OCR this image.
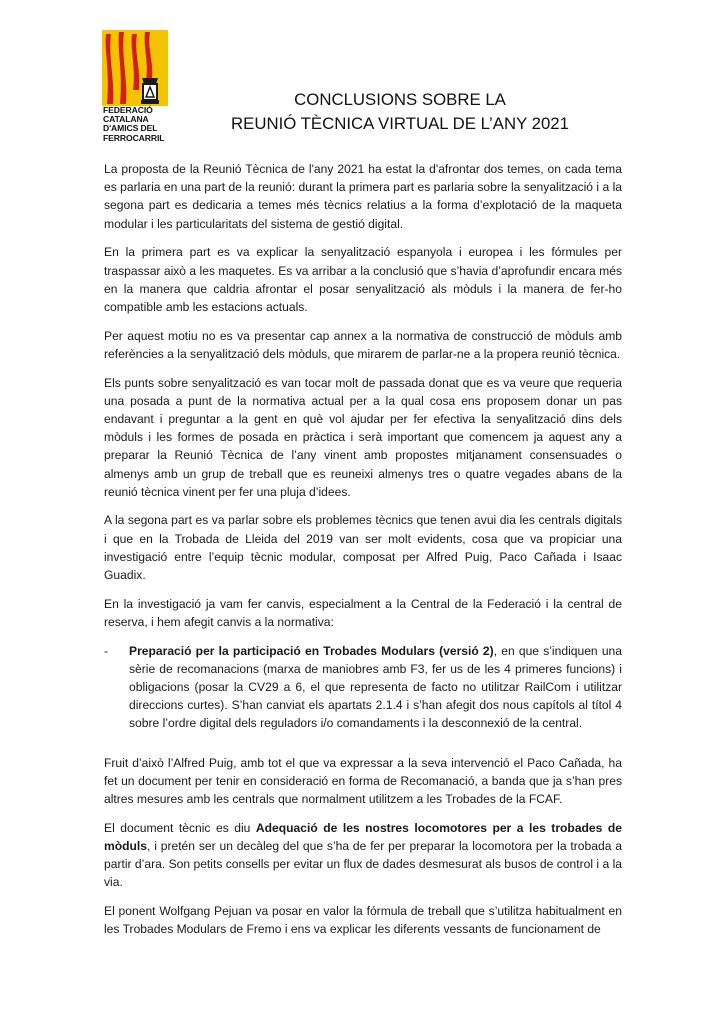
FEDERACIÓ
CATALANA
D'AMICS DEL
FERROCARRIL
CONCLUSIONS SOBRE LA
REUNIÓ TÈCNICA VIRTUAL DE L’ANY 2021

La proposta de la Reunió Tècnica de l'any 2021 ha estat la d'afrontar dos temes, on cada tema es parlaria en una part de la reunió: durant la primera part es parlaria sobre la senyalització i a la segona part es dedicaria a temes més tècnics relatius a la forma d’explotació de la maqueta modular i les particularitats del sistema de gestió digital.

En la primera part es va explicar la senyalització espanyola i europea i les fórmules per traspassar això a les maquetes. Es va arribar a la conclusió que s’havia d’aprofundir encara més en la manera que caldria afrontar el posar senyalització als mòduls i la manera de fer-ho compatible amb les estacions actuals.

Per aquest motiu no es va presentar cap annex a la normativa de construcció de mòduls amb referències a la senyalització dels mòduls, que mirarem de parlar-ne a la propera reunió tècnica.

Els punts sobre senyalització es van tocar molt de passada donat que es va veure que requeria una posada a punt de la normativa actual per a la qual cosa ens proposem donar un pas endavant i preguntar a la gent en què vol ajudar per fer efectiva la senyalització dins dels mòduls i les formes de posada en pràctica i serà important que comencem ja aquest any a preparar la Reunió Tècnica de l’any vinent amb propostes mitjanament consensuades o almenys amb un grup de treball que es reuneixi almenys tres o quatre vegades abans de la reunió tècnica vinent per fer una pluja d’idees.

A la segona part es va parlar sobre els problemes tècnics que tenen avui dia les centrals digitals i que en la Trobada de Lleida del 2019 van ser molt evidents, cosa que va propiciar una investigació entre l’equip tècnic modular, composat per Alfred Puig, Paco Cañada i Isaac Guadix.

En la investigació ja vam fer canvis, especialment a la Central de la Federació i la central de reserva, i hem afegit canvis a la normativa:

- Preparació per la participació en Trobades Modulars (versió 2), en que s’indiquen una sèrie de recomanacions (marxa de maniobres amb F3, fer us de les 4 primeres funcions) i obligacions (posar la CV29 a 6, el que representa de facto no utilitzar RailCom i utilitzar direccions curtes). S’han canviat els apartats 2.1.4 i s’han afegit dos nous capítols al títol 4 sobre l’ordre digital dels reguladors i/o comandaments i la desconnexió de la central.

Fruit d’això l’Alfred Puig, amb tot el que va expressar a la seva intervenció el Paco Cañada, ha fet un document per tenir en consideració en forma de Recomanació, a banda que ja s’han pres altres mesures amb les centrals que normalment utilitzem a les Trobades de la FCAF.

El document tècnic es diu Adequació de les nostres locomotores per a les trobades de mòduls, i pretén ser un decàleg del que s’ha de fer per preparar la locomotora per la trobada a partir d’ara. Son petits consells per evitar un flux de dades desmesurat als busos de control i a la via.

El ponent Wolfgang Pejuan va posar en valor la fórmula de treball que s’utilitza habitualment en les Trobades Modulars de Fremo i ens va explicar les diferents vessants de funcionament de
